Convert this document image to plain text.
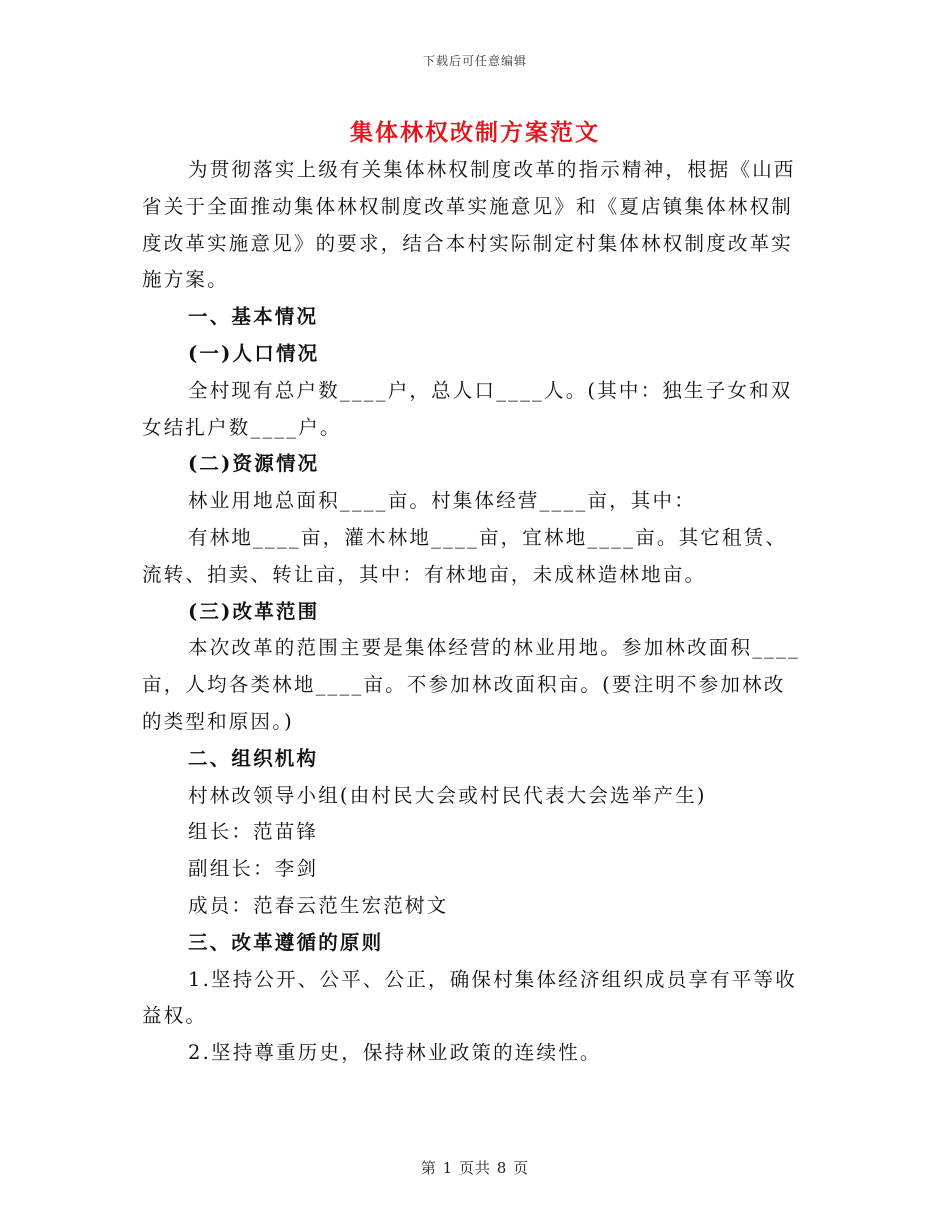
下载后可任意编辑
集体林权改制方案范文

为贯彻落实上级有关集体林权制度改革的指示精神，根据《山西省关于全面推动集体林权制度改革实施意见》和《夏店镇集体林权制度改革实施意见》的要求，结合本村实际制定村集体林权制度改革实施方案。

一、基本情况

(一)人口情况

全村现有总户数____户，总人口____人。(其中：独生子女和双女结扎户数____户。

(二)资源情况

林业用地总面积____亩。村集体经营____亩，其中：

有林地____亩，灌木林地____亩，宜林地____亩。其它租赁、流转、拍卖、转让亩，其中：有林地亩，未成林造林地亩。

(三)改革范围

本次改革的范围主要是集体经营的林业用地。参加林改面积____亩，人均各类林地____亩。不参加林改面积亩。(要注明不参加林改的类型和原因。)

二、组织机构

村林改领导小组(由村民大会或村民代表大会选举产生)

组长：范苗锋

副组长：李剑

成员：范春云范生宏范树文

三、改革遵循的原则

1.坚持公开、公平、公正，确保村集体经济组织成员享有平等收益权。

2.坚持尊重历史，保持林业政策的连续性。

第 1 页共 8 页
